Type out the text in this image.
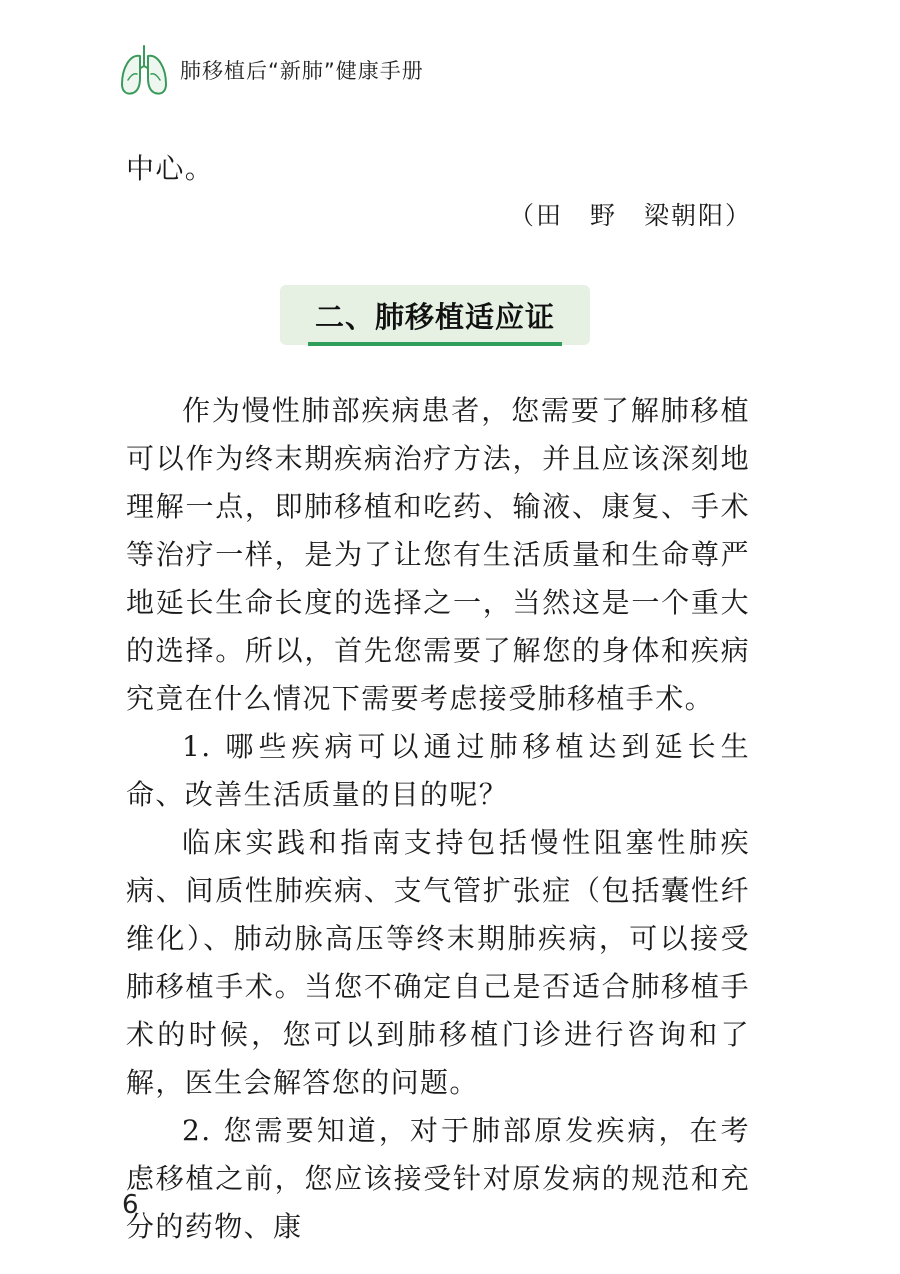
肺移植后“新肺”健康手册
中心。
（田　野　梁朝阳）
二、肺移植适应证

作为慢性肺部疾病患者，您需要了解肺移植可以作为终末期疾病治疗方法，并且应该深刻地理解一点，即肺移植和吃药、输液、康复、手术等治疗一样，是为了让您有生活质量和生命尊严地延长生命长度的选择之一，当然这是一个重大的选择。所以，首先您需要了解您的身体和疾病究竟在什么情况下需要考虑接受肺移植手术。

1. 哪些疾病可以通过肺移植达到延长生命、改善生活质量的目的呢？

临床实践和指南支持包括慢性阻塞性肺疾病、间质性肺疾病、支气管扩张症（包括囊性纤维化）、肺动脉高压等终末期肺疾病，可以接受肺移植手术。当您不确定自己是否适合肺移植手术的时候，您可以到肺移植门诊进行咨询和了解，医生会解答您的问题。

2. 您需要知道，对于肺部原发疾病，在考虑移植之前，您应该接受针对原发病的规范和充分的药物、康

6
